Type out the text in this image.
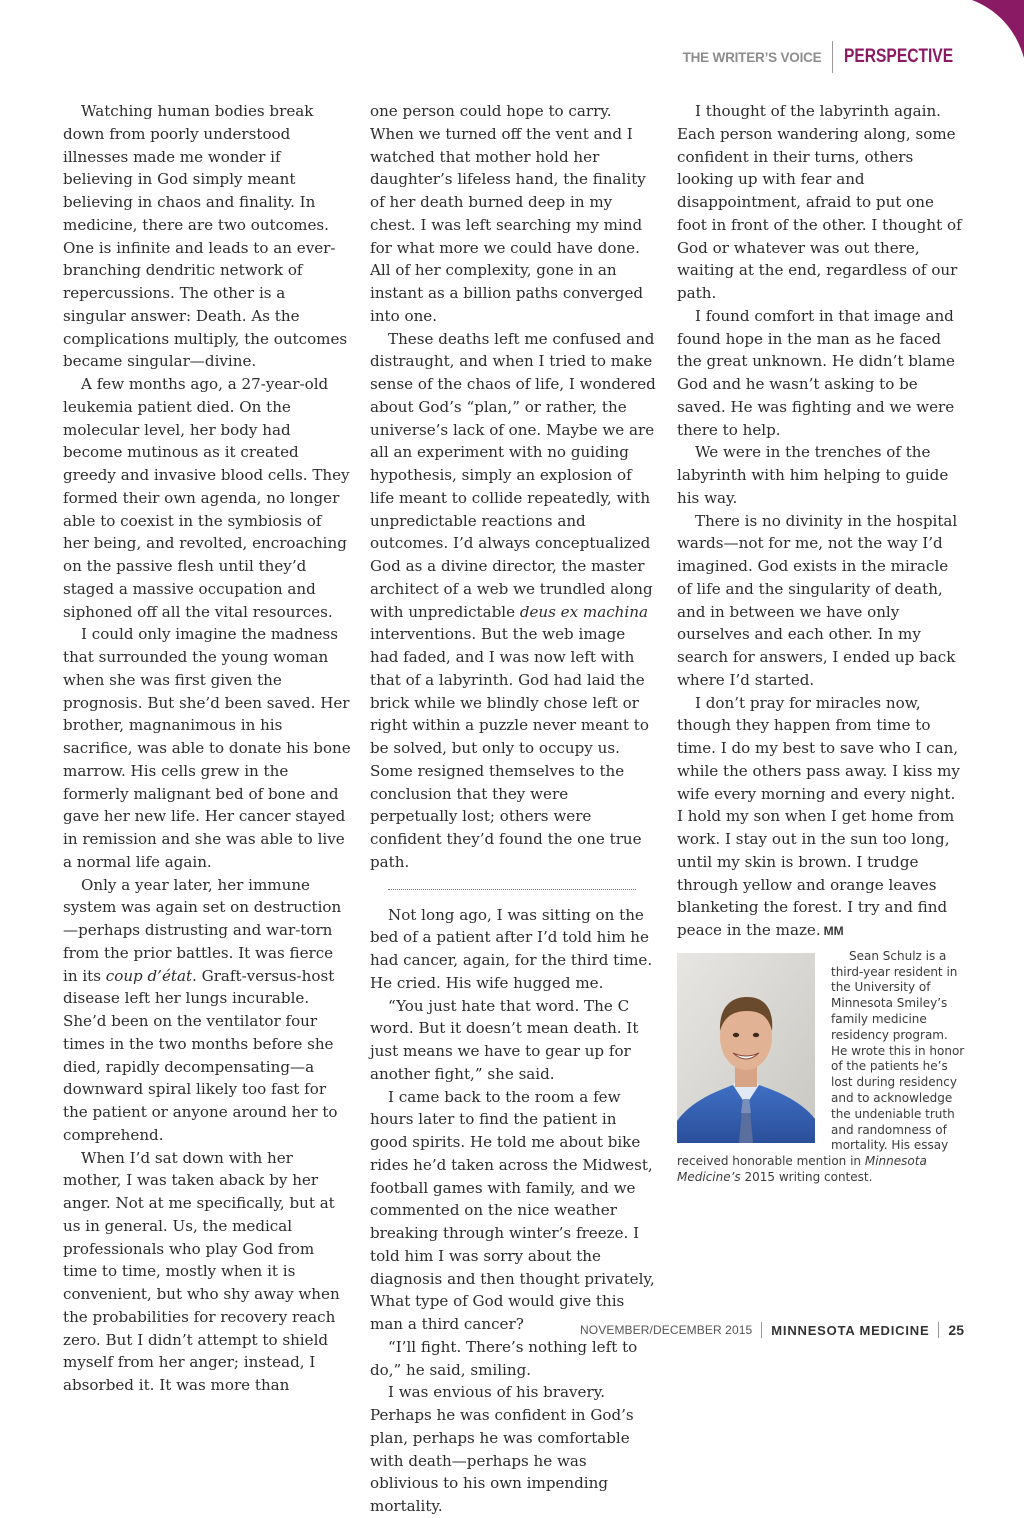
THE WRITER’S VOICE PERSPECTIVE

Watching human bodies break down from poorly understood illnesses made me wonder if believing in God simply meant believing in chaos and finality. In medicine, there are two outcomes. One is infinite and leads to an ever-branching dendritic network of repercussions. The other is a singular answer: Death. As the complications multiply, the outcomes became singular—divine.

A few months ago, a 27-year-old leukemia patient died. On the molecular level, her body had become mutinous as it created greedy and invasive blood cells. They formed their own agenda, no longer able to coexist in the symbiosis of her being, and revolted, encroaching on the passive flesh until they’d staged a massive occupation and siphoned off all the vital resources.

I could only imagine the madness that surrounded the young woman when she was first given the prognosis. But she’d been saved. Her brother, magnanimous in his sacrifice, was able to donate his bone marrow. His cells grew in the formerly malignant bed of bone and gave her new life. Her cancer stayed in remission and she was able to live a normal life again.

Only a year later, her immune system was again set on destruction—perhaps distrusting and war-torn from the prior battles. It was fierce in its coup d’état. Graft-versus-host disease left her lungs incurable. She’d been on the ventilator four times in the two months before she died, rapidly decompensating—a downward spiral likely too fast for the patient or anyone around her to comprehend.

When I’d sat down with her mother, I was taken aback by her anger. Not at me specifically, but at us in general. Us, the medical professionals who play God from time to time, mostly when it is convenient, but who shy away when the probabilities for recovery reach zero. But I didn’t attempt to shield myself from her anger; instead, I absorbed it. It was more than

one person could hope to carry. When we turned off the vent and I watched that mother hold her daughter’s lifeless hand, the finality of her death burned deep in my chest. I was left searching my mind for what more we could have done. All of her complexity, gone in an instant as a billion paths converged into one.

These deaths left me confused and distraught, and when I tried to make sense of the chaos of life, I wondered about God’s “plan,” or rather, the universe’s lack of one. Maybe we are all an experiment with no guiding hypothesis, simply an explosion of life meant to collide repeatedly, with unpredictable reactions and outcomes. I’d always conceptualized God as a divine director, the master architect of a web we trundled along with unpredictable deus ex machina interventions. But the web image had faded, and I was now left with that of a labyrinth. God had laid the brick while we blindly chose left or right within a puzzle never meant to be solved, but only to occupy us. Some resigned themselves to the conclusion that they were perpetually lost; others were confident they’d found the one true path.

Not long ago, I was sitting on the bed of a patient after I’d told him he had cancer, again, for the third time. He cried. His wife hugged me.

“You just hate that word. The C word. But it doesn’t mean death. It just means we have to gear up for another fight,” she said.

I came back to the room a few hours later to find the patient in good spirits. He told me about bike rides he’d taken across the Midwest, football games with family, and we commented on the nice weather breaking through winter’s freeze. I told him I was sorry about the diagnosis and then thought privately, What type of God would give this man a third cancer?

“I’ll fight. There’s nothing left to do,” he said, smiling.

I was envious of his bravery. Perhaps he was confident in God’s plan, perhaps he was comfortable with death—perhaps he was oblivious to his own impending mortality.

I thought of the labyrinth again. Each person wandering along, some confident in their turns, others looking up with fear and disappointment, afraid to put one foot in front of the other. I thought of God or whatever was out there, waiting at the end, regardless of our path.

I found comfort in that image and found hope in the man as he faced the great unknown. He didn’t blame God and he wasn’t asking to be saved. He was fighting and we were there to help.

We were in the trenches of the labyrinth with him helping to guide his way.

There is no divinity in the hospital wards—not for me, not the way I’d imagined. God exists in the miracle of life and the singularity of death, and in between we have only ourselves and each other. In my search for answers, I ended up back where I’d started.

I don’t pray for miracles now, though they happen from time to time. I do my best to save who I can, while the others pass away. I kiss my wife every morning and every night. I hold my son when I get home from work. I stay out in the sun too long, until my skin is brown. I trudge through yellow and orange leaves blanketing the forest. I try and find peace in the maze. MM

Sean Schulz is a third-year resident in the University of Minnesota Smiley’s family medicine residency program. He wrote this in honor of the patients he’s lost during residency and to acknowledge the undeniable truth and randomness of mortality. His essay received honorable mention in Minnesota Medicine’s 2015 writing contest.

NOVEMBER/DECEMBER 2015 MINNESOTA MEDICINE 25
